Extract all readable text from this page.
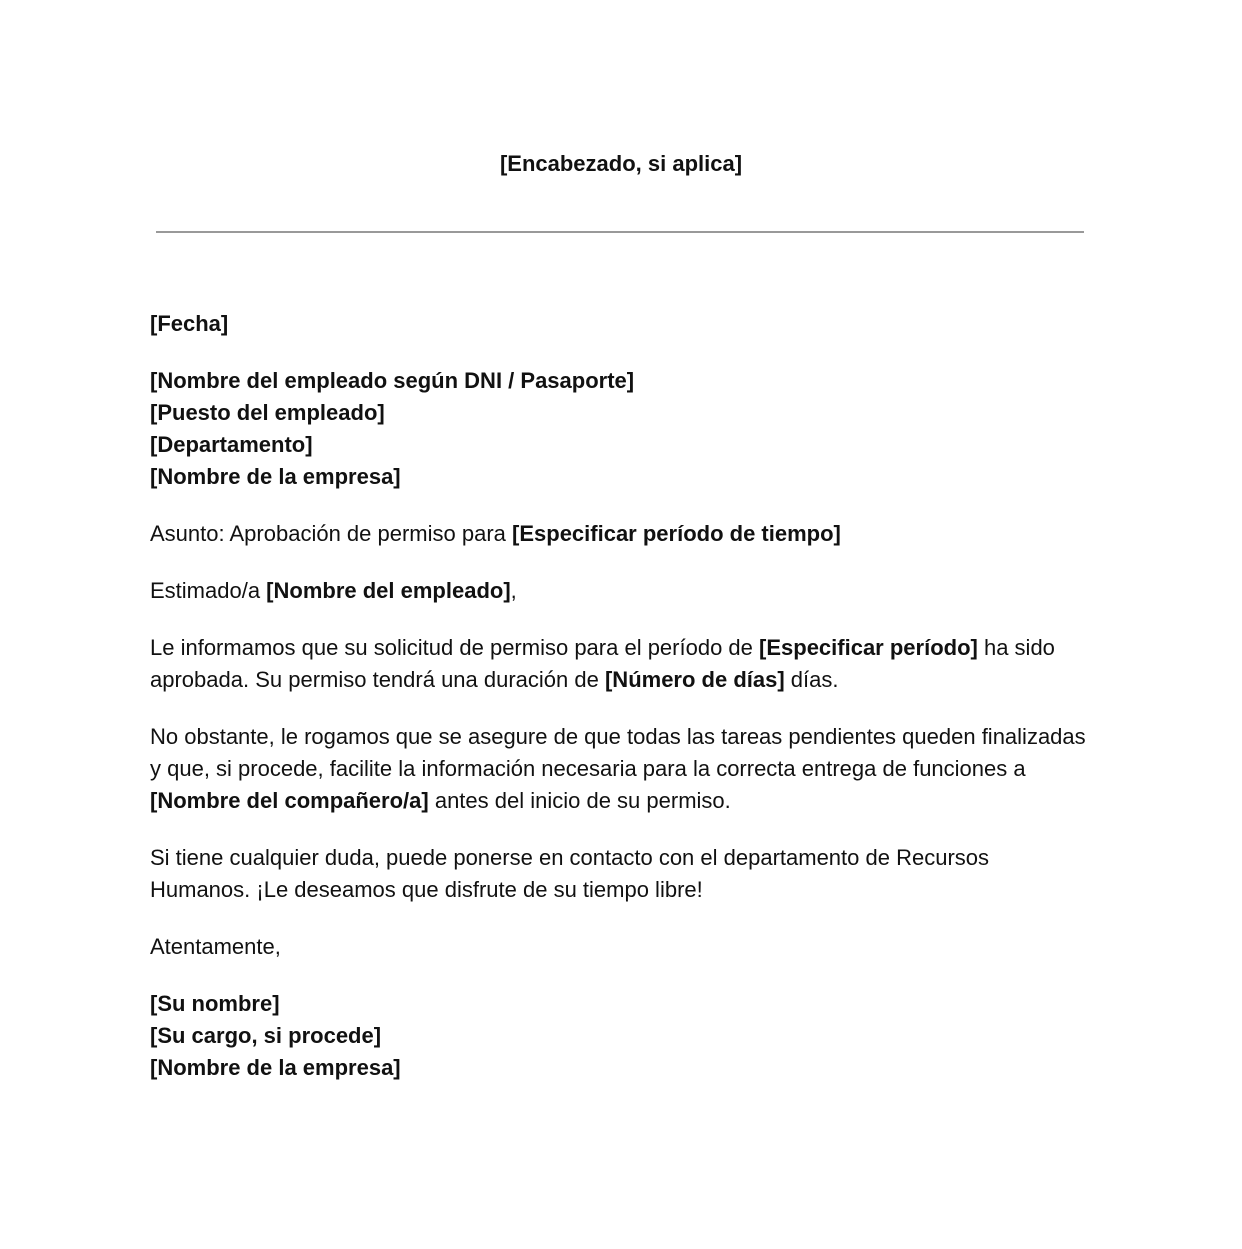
[Encabezado, si aplica]

[Fecha]

[Nombre del empleado según DNI / Pasaporte]
[Puesto del empleado]
[Departamento]
[Nombre de la empresa]

Asunto: Aprobación de permiso para [Especificar período de tiempo]

Estimado/a [Nombre del empleado],

Le informamos que su solicitud de permiso para el período de [Especificar período] ha sido aprobada. Su permiso tendrá una duración de [Número de días] días.

No obstante, le rogamos que se asegure de que todas las tareas pendientes queden finalizadas y que, si procede, facilite la información necesaria para la correcta entrega de funciones a [Nombre del compañero/a] antes del inicio de su permiso.

Si tiene cualquier duda, puede ponerse en contacto con el departamento de Recursos Humanos. ¡Le deseamos que disfrute de su tiempo libre!

Atentamente,

[Su nombre]
[Su cargo, si procede]
[Nombre de la empresa]
